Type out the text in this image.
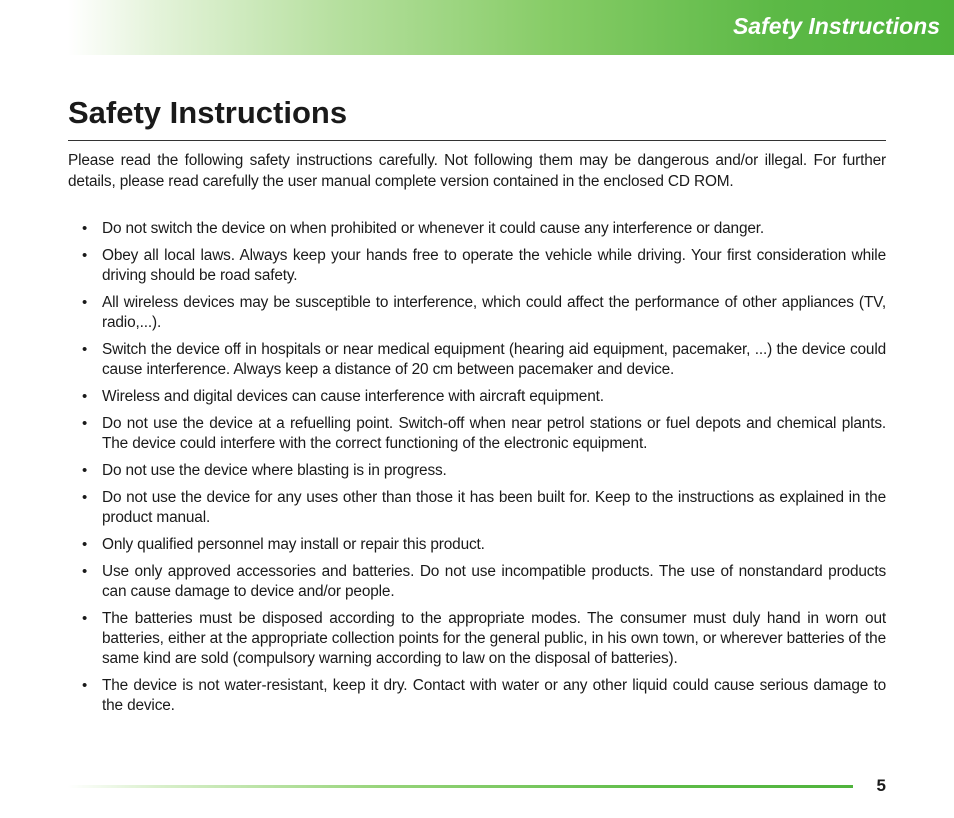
Safety Instructions
Safety Instructions

Please read the following safety instructions carefully. Not following them may be dangerous and/or illegal. For further details, please read carefully the user manual complete version contained in the enclosed CD ROM.

• Do not switch the device on when prohibited or whenever it could cause any interference or danger.
• Obey all local laws. Always keep your hands free to operate the vehicle while driving. Your first consideration while driving should be road safety.
• All wireless devices may be susceptible to interference, which could affect the performance of other appliances (TV, radio,...).
• Switch the device off in hospitals or near medical equipment (hearing aid equipment, pacemaker, ...) the device could cause interference. Always keep a distance of 20 cm between pacemaker and device.
• Wireless and digital devices can cause interference with aircraft equipment.
• Do not use the device at a refuelling point. Switch-off when near petrol stations or fuel depots and chemical plants. The device could interfere with the correct functioning of the electronic equipment.
• Do not use the device where blasting is in progress.
• Do not use the device for any uses other than those it has been built for. Keep to the instructions as explained in the product manual.
• Only qualified personnel may install or repair this product.
• Use only approved accessories and batteries. Do not use incompatible products. The use of nonstandard products can cause damage to device and/or people.
• The batteries must be disposed according to the appropriate modes. The consumer must duly hand in worn out batteries, either at the appropriate collection points for the general public, in his own town, or wherever batteries of the same kind are sold (compulsory warning according to law on the disposal of batteries).
• The device is not water-resistant, keep it dry. Contact with water or any other liquid could cause serious damage to the device.
5
